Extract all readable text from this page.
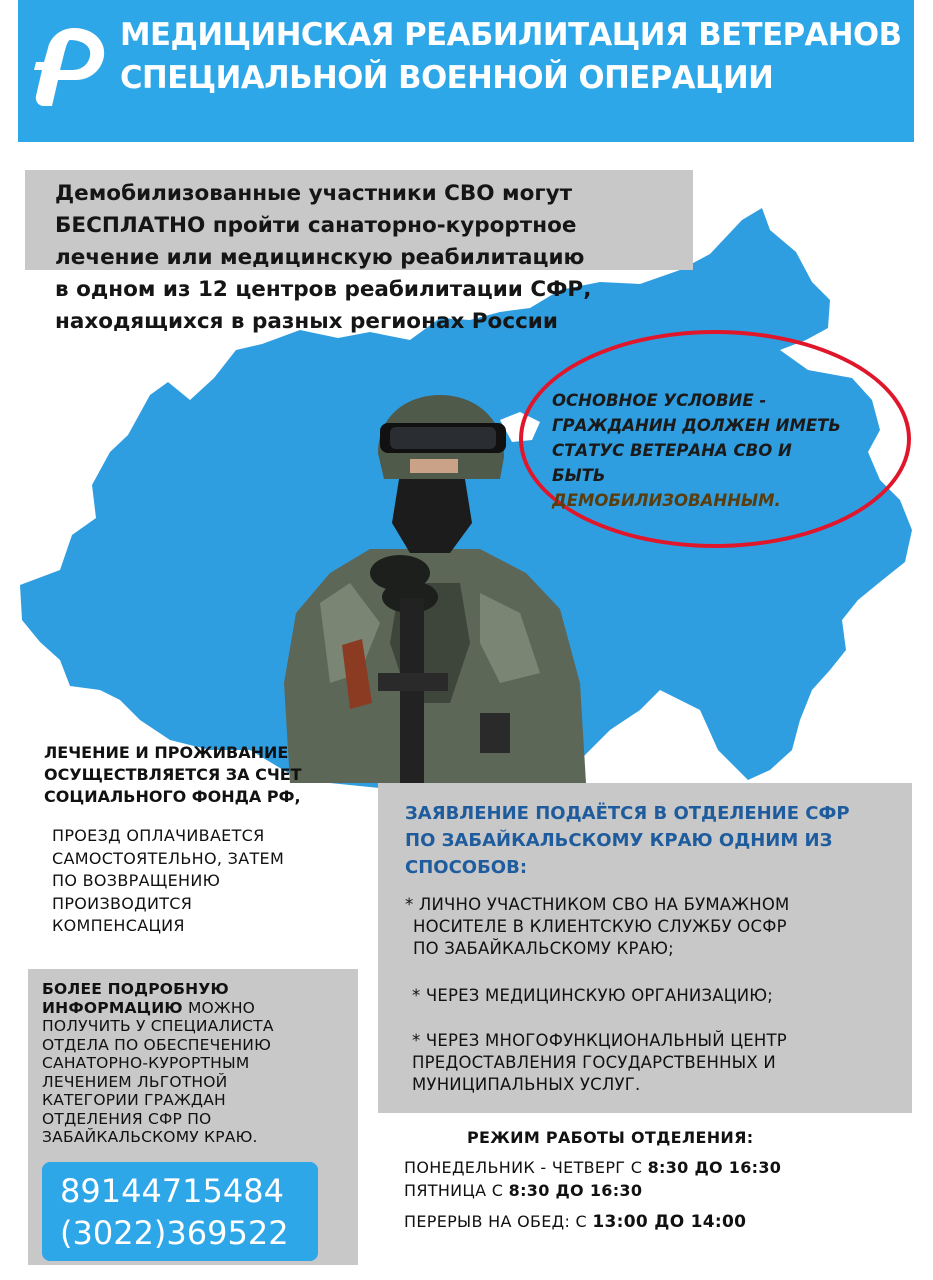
МЕДИЦИНСКАЯ РЕАБИЛИТАЦИЯ ВЕТЕРАНОВ
СПЕЦИАЛЬНОЙ ВОЕННОЙ ОПЕРАЦИИ
Демобилизованные участники СВО могут
БЕСПЛАТНО пройти санаторно-курортное
лечение или медицинскую реабилитацию
в одном из 12 центров реабилитации СФР,
находящихся в разных регионах России
ОСНОВНОЕ УСЛОВИЕ -
ГРАЖДАНИН ДОЛЖЕН ИМЕТЬ
СТАТУС ВЕТЕРАНА СВО И
БЫТЬ
ДЕМОБИЛИЗОВАННЫМ.
ЛЕЧЕНИЕ И ПРОЖИВАНИЕ
ОСУЩЕСТВЛЯЕТСЯ ЗА СЧЕТ
СОЦИАЛЬНОГО ФОНДА РФ,
ПРОЕЗД ОПЛАЧИВАЕТСЯ
САМОСТОЯТЕЛЬНО, ЗАТЕМ
ПО ВОЗВРАЩЕНИЮ
ПРОИЗВОДИТСЯ
КОМПЕНСАЦИЯ
ЗАЯВЛЕНИЕ ПОДАЁТСЯ В ОТДЕЛЕНИЕ СФР
ПО ЗАБАЙКАЛЬСКОМУ КРАЮ ОДНИМ ИЗ
СПОСОБОВ:
* ЛИЧНО УЧАСТНИКОМ СВО НА БУМАЖНОМ
НОСИТЕЛЕ В КЛИЕНТСКУЮ СЛУЖБУ ОСФР
ПО ЗАБАЙКАЛЬСКОМУ КРАЮ;
* ЧЕРЕЗ МЕДИЦИНСКУЮ ОРГАНИЗАЦИЮ;
* ЧЕРЕЗ МНОГОФУНКЦИОНАЛЬНЫЙ ЦЕНТР
ПРЕДОСТАВЛЕНИЯ ГОСУДАРСТВЕННЫХ И
МУНИЦИПАЛЬНЫХ УСЛУГ.
БОЛЕЕ ПОДРОБНУЮ
ИНФОРМАЦИЮ МОЖНО
ПОЛУЧИТЬ У СПЕЦИАЛИСТА
ОТДЕЛА ПО ОБЕСПЕЧЕНИЮ
САНАТОРНО-КУРОРТНЫМ
ЛЕЧЕНИЕМ ЛЬГОТНОЙ
КАТЕГОРИИ ГРАЖДАН
ОТДЕЛЕНИЯ СФР ПО
ЗАБАЙКАЛЬСКОМУ КРАЮ.
89144715484
(3022)369522
РЕЖИМ РАБОТЫ ОТДЕЛЕНИЯ:
ПОНЕДЕЛЬНИК - ЧЕТВЕРГ С 8:30 ДО 16:30
ПЯТНИЦА С 8:30 ДО 16:30
ПЕРЕРЫВ НА ОБЕД: С 13:00 ДО 14:00
